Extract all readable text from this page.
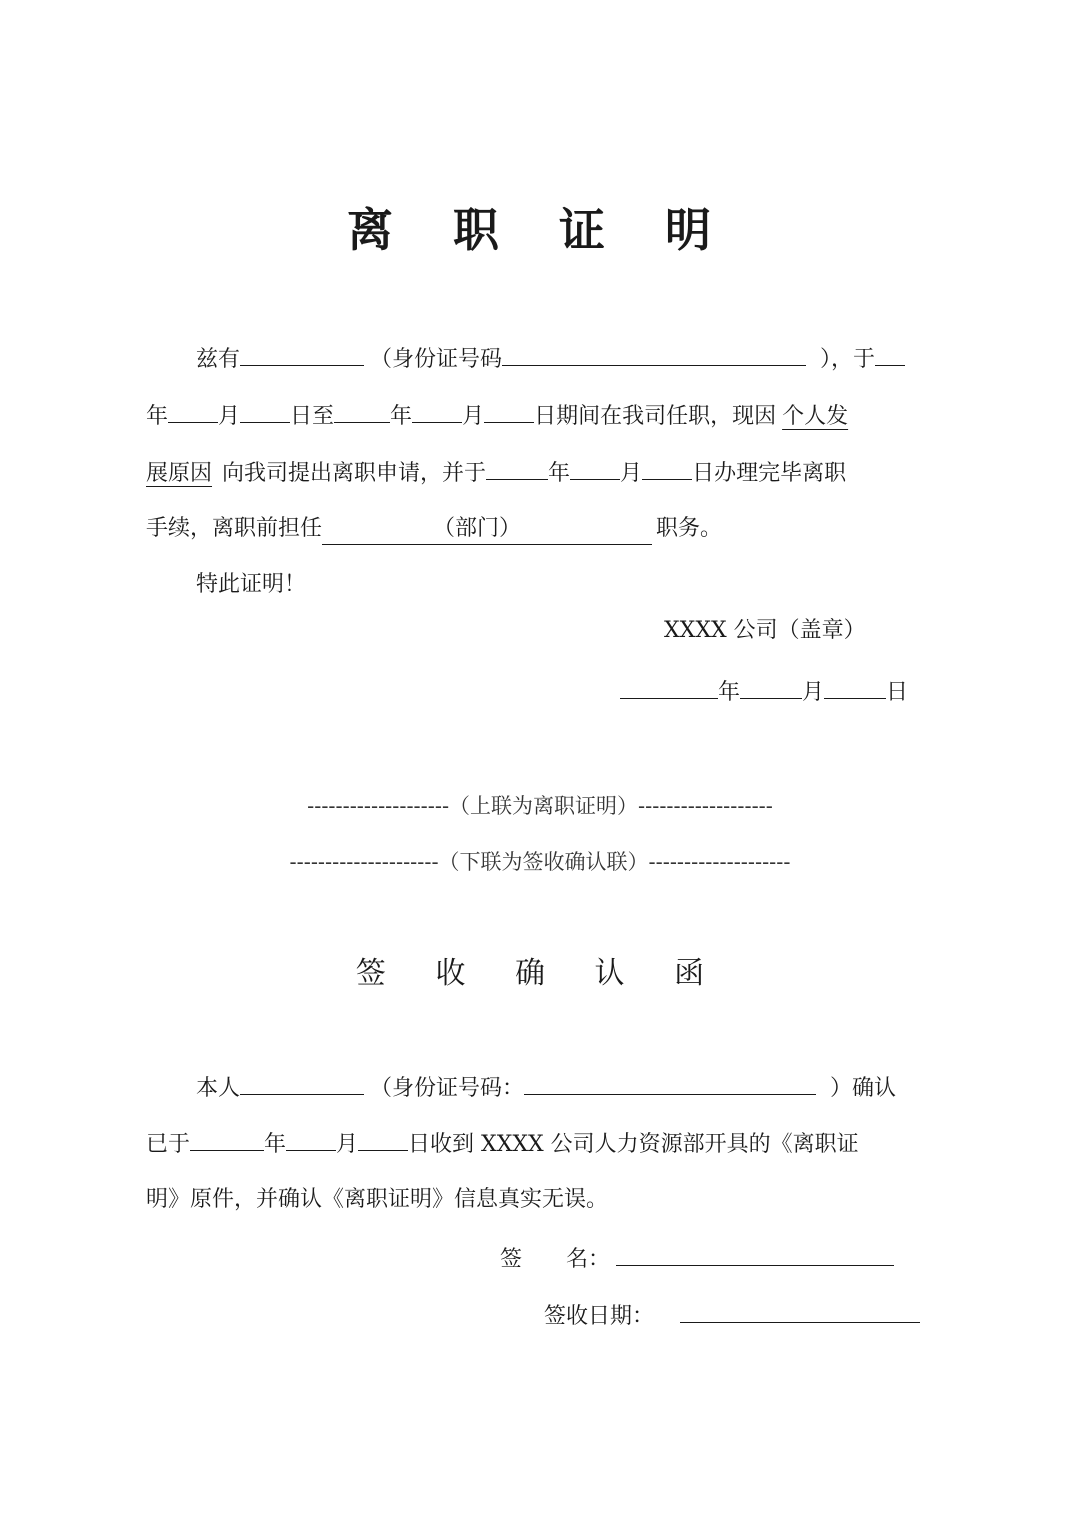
离 职 证 明
兹有	（身份证号码	），于
年 月 日至	年 月 日期间在我司任职，现因 个人发
展原因 向我司提出离职申请，并于	年 月 日办理完毕离职
手续，离职前担任	（部门）	职务。
特此证明！
XXXX 公司（盖章）
年	月	日
--------------------（上联为离职证明）-------------------
---------------------（下联为签收确认联）--------------------
签 收 确 认 函
本人	（身份证号码：	）确认
已于	年 月 日收到 XXXX 公司人力资源部开具的《离职证
明》原件，并确认《离职证明》信息真实无误。
签　　名：
签收日期：
